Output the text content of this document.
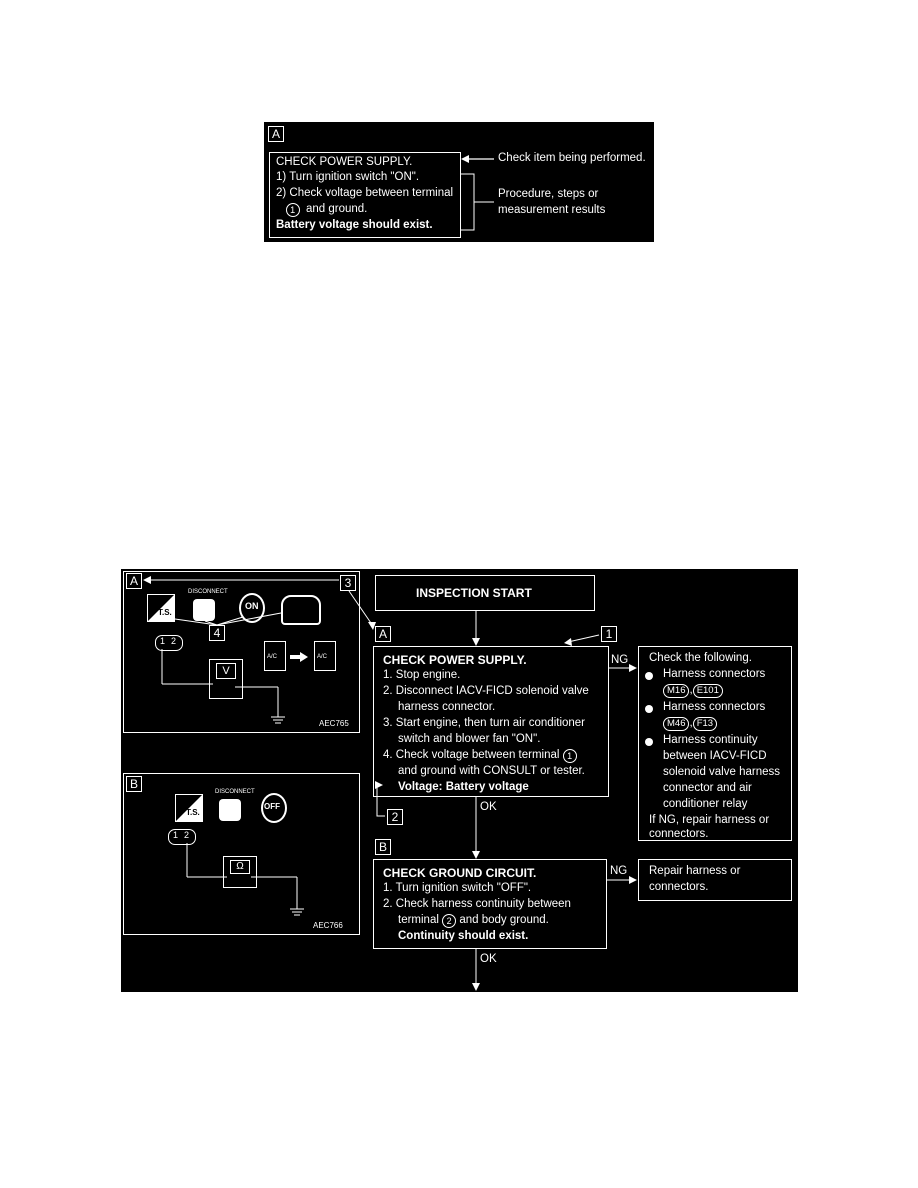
A
CHECK POWER SUPPLY.
1) Turn ignition switch "ON".
2) Check voltage between terminal
1 and ground.
Battery voltage should exist.
Check item being performed.
Procedure, steps or
measurement results
A	3
T.S.
DISCONNECT
ON
4
1 2
V
A/C	A/C
AEC765
B
T.S.
DISCONNECT
OFF
1 2
Ω
AEC766
INSPECTION START
A	1
CHECK POWER SUPPLY.
1. Stop engine.
2. Disconnect IACV-FICD solenoid valve
harness connector.
3. Start engine, then turn air conditioner
switch and blower fan "ON".
4. Check voltage between terminal 1
and ground with CONSULT or tester.
Voltage: Battery voltage
2
NG
OK
Check the following.
Harness connectors
M16 , E101
Harness connectors
M46 , F13
Harness continuity
between IACV-FICD
solenoid valve harness
connector and air
conditioner relay
If NG, repair harness or
connectors.
B
CHECK GROUND CIRCUIT.
1. Turn ignition switch "OFF".
2. Check harness continuity between
terminal 2 and body ground.
Continuity should exist.
NG Repair harness or
connectors.
OK
